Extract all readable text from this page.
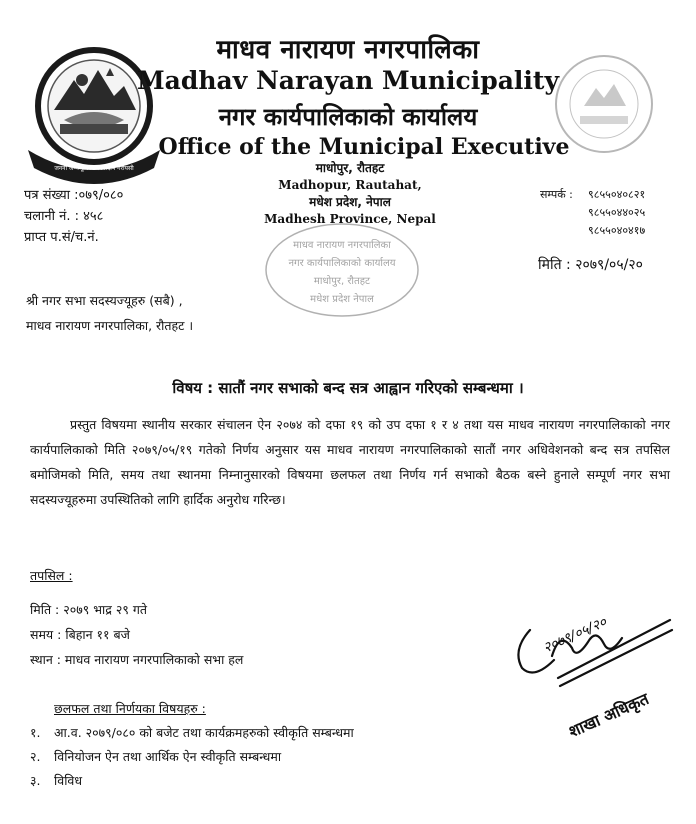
जननी जन्मभूमिश्च स्वर्गादपि गरीयसी
माधव नारायण नगरपालिका
Madhav Narayan Municipality
नगर कार्यपालिकाको कार्यालय
Office of the Municipal Executive
माधोपुर, रौतहट
Madhopur, Rautahat,
मधेश प्रदेश, नेपाल
Madhesh Province, Nepal
माधव नारायण नगरपालिका
नगर कार्यपालिकाको कार्यालय
माधोपुर, रौतहट
मधेश प्रदेश नेपाल
पत्र संख्या :०७९/०८०
चलानी नं. : ४५८
प्राप्त प.सं/च.नं.
सम्पर्क : ९८५५०४०८२१
९८५५०४४०२५
९८५५०४०४१७
मिति : २०७९/०५/२०
श्री नगर सभा सदस्यज्यूहरु (सबै) ,
माधव नारायण नगरपालिका, रौतहट ।
विषय : सातौं नगर सभाको बन्द सत्र आह्वान गरिएको सम्बन्धमा ।
प्रस्तुत विषयमा स्थानीय सरकार संचालन ऐन २०७४ को दफा १९ को उप दफा १ र ४ तथा यस माधव नारायण नगरपालिकाको नगर कार्यपालिकाको मिति २०७९/०५/१९ गतेको निर्णय अनुसार यस माधव नारायण नगरपालिकाको सातौं नगर अधिवेशनको बन्द सत्र तपसिल बमोजिमको मिति, समय तथा स्थानमा निम्नानुसारको विषयमा छलफल तथा निर्णय गर्न सभाको बैठक बस्ने हुनाले सम्पूर्ण नगर सभा सदस्यज्यूहरुमा उपस्थितिको लागि हार्दिक अनुरोध गरिन्छ।
तपसिल :
मिति : २०७९ भाद्र २९ गते
समय : बिहान ११ बजे
स्थान : माधव नारायण नगरपालिकाको सभा हल
छलफल तथा निर्णयका विषयहरु :
१. आ.व. २०७९/०८० को बजेट तथा कार्यक्रमहरुको स्वीकृति सम्बन्धमा
२. विनियोजन ऐन तथा आर्थिक ऐन स्वीकृति सम्बन्धमा
३. विविध
२०७९/०५/२०
शाखा अधिकृत
